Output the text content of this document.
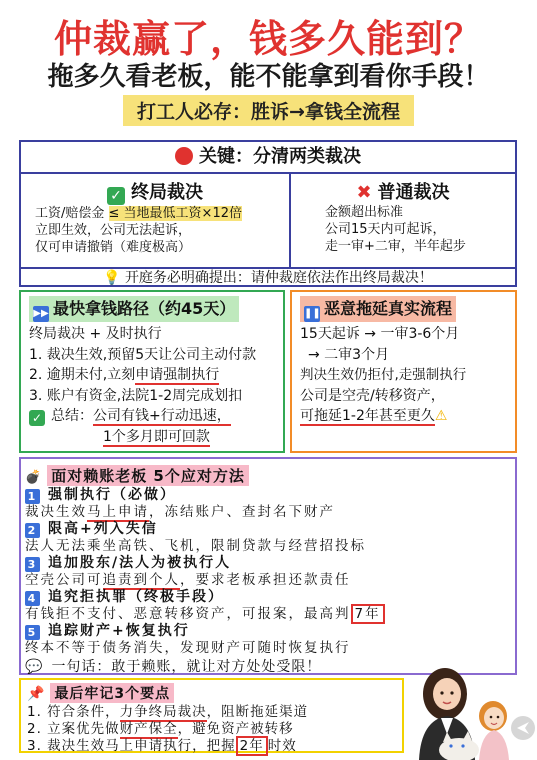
仲裁赢了，钱多久能到？
拖多久看老板，能不能拿到看你手段！
打工人必存：胜诉→拿钱全流程
关键：分清两类裁决
✓ 终局裁决
工资/赔偿金 ≤ 当地最低工资×12倍
立即生效，公司无法起诉，
仅可申请撤销（难度极高）
✖ 普通裁决
金额超出标准
公司15天内可起诉，
走一审+二审，半年起步
💡 开庭务必明确提出：请仲裁庭依法作出终局裁决！
▶▶ 最快拿钱路径（约45天）
终局裁决 + 及时执行
1. 裁决生效,预留5天让公司主动付款
2. 逾期未付,立刻申请强制执行
3. 账户有资金,法院1-2周完成划扣
✓ 总结：公司有钱+行动迅速，
1个多月即可回款
❚❚ 恶意拖延真实流程
15天起诉 → 一审3-6个月
→ 二审3个月
判决生效仍拒付,走强制执行
公司是空壳/转移资产，
可拖延1-2年甚至更久⚠
💣 面对赖账老板 5个应对方法
1 强制执行（必做）
裁决生效马上申请，冻结账户、查封名下财产
2 限高+列入失信
法人无法乘坐高铁、飞机，限制贷款与经营招投标
3 追加股东/法人为被执行人
空壳公司可追责到个人，要求老板承担还款责任
4 追究拒执罪（终极手段）
有钱拒不支付、恶意转移资产，可报案，最高判 7年
5 追踪财产+恢复执行
终本不等于债务消失，发现财产可随时恢复执行
💬 一句话：敢于赖账，就让对方处处受限！
📌 最后牢记3个要点
1. 符合条件，力争终局裁决，阻断拖延渠道
2. 立案优先做财产保全，避免资产被转移
3. 裁决生效马上申请执行，把握 2年 时效
